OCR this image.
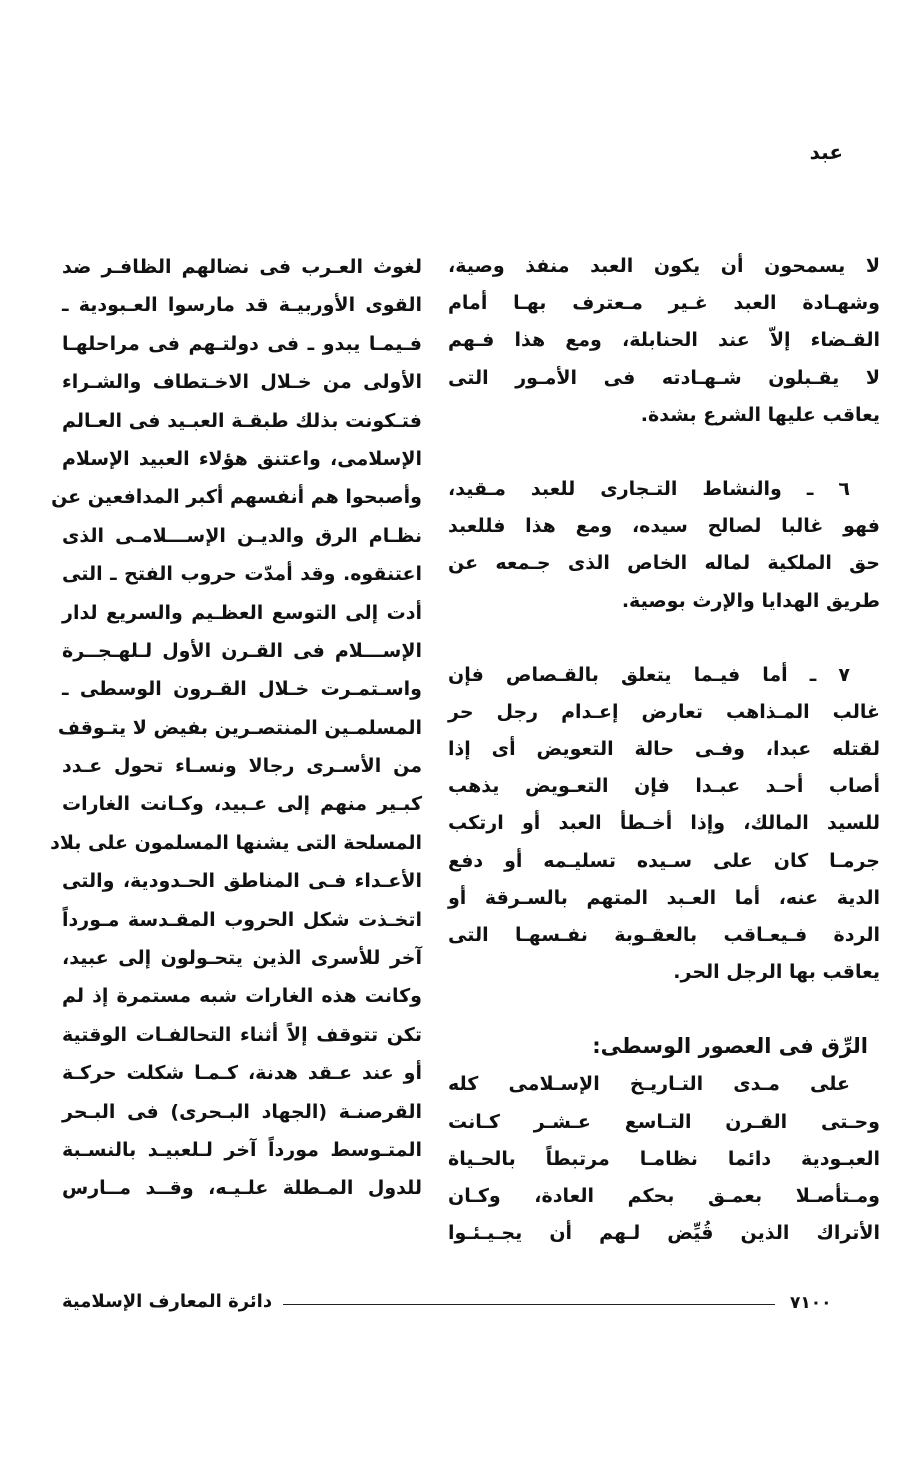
عبد
لا يسمحون أن يكون العبد منفذ وصية،
وشهـادة العبد غـير مـعترف بهـا أمام
القـضاء إلاّ عند الحنابلة، ومع هذا فـهم
لا يقـبلون شـهـادته فى الأمـور التى
يعاقب عليها الشرع بشدة.
٦ ـ والنشاط التـجارى للعبد مـقيد،
فهو غالبا لصالح سيده، ومع هذا فللعبد
حق الملكية لماله الخاص الذى جـمعه عن
طريق الهدايا والإرث بوصية.
٧ ـ أما فيـما يتعلق بالقـصاص فإن
غالب المـذاهب تعارض إعـدام رجل حر
لقتله عبدا، وفـى حالة التعويض أى إذا
أصاب أحـد عبـدا فإن التعـويض يذهب
للسيد المالك، وإذا أخـطأ العبد أو ارتكب
جرمـا كان على سـيده تسليـمه أو دفع
الدية عنه، أما العـبد المتهم بالسـرقة أو
الردة فـيعـاقب بالعقـوبة نفـسهـا التى
يعاقب بها الرجل الحر.
الرِّق فى العصور الوسطى:
على مـدى التـاريـخ الإسـلامى كله
وحـتى القـرن التـاسع عـشـر كـانت
العبـودية دائما نظامـا مرتبطاً بالحـياة
ومـتأصـلا بعمـق بحكم العادة، وكـان
الأتراك الذين قُيِّض لـهم أن يجـيـئـوا
لغوث العـرب فى نضالهم الظافـر ضد
القوى الأوربيـة قد مارسوا العـبودية ـ
فـيمـا يبدو ـ فى دولتـهم فى مراحلهـا
الأولى من خـلال الاخـتطاف والشـراء
فتـكونت بذلك طبقـة العبـيد فى العـالم
الإسلامى، واعتنق هؤلاء العبيد الإسلام
وأصبحوا هم أنفسهم أكبر المدافعين عن
نظـام الرق والديـن الإســـلامـى الذى
اعتنقوه. وقد أمدّت حروب الفتح ـ التى
أدت إلى التوسع العظـيم والسريع لدار
الإســـلام فى القـرن الأول لـلهـجــرة
واسـتمـرت خـلال القـرون الوسطى ـ
المسلمـين المنتصـرين بفيض لا يتـوقف
من الأسـرى رجالا ونسـاء تحول عـدد
كبـير منهم إلى عـبيد، وكـانت الغارات
المسلحة التى يشنها المسلمون على بلاد
الأعـداء فـى المناطق الحـدودية، والتى
اتخـذت شكل الحروب المقـدسة مـورداً
آخر للأسرى الذين يتحـولون إلى عبيد،
وكانت هذه الغارات شبه مستمرة إذ لم
تكن تتوقف إلاً أثناء التحالفـات الوقتية
أو عند عـقد هدنة، كـمـا شكلت حركـة
القرصنـة (الجهاد البـحرى) فى البـحر
المتـوسط مورداً آخر لـلعبيـد بالنسـبة
للدول المـطلة علـيـه، وقــد مــارس
٧١٠٠
دائرة المعارف الإسلامية
